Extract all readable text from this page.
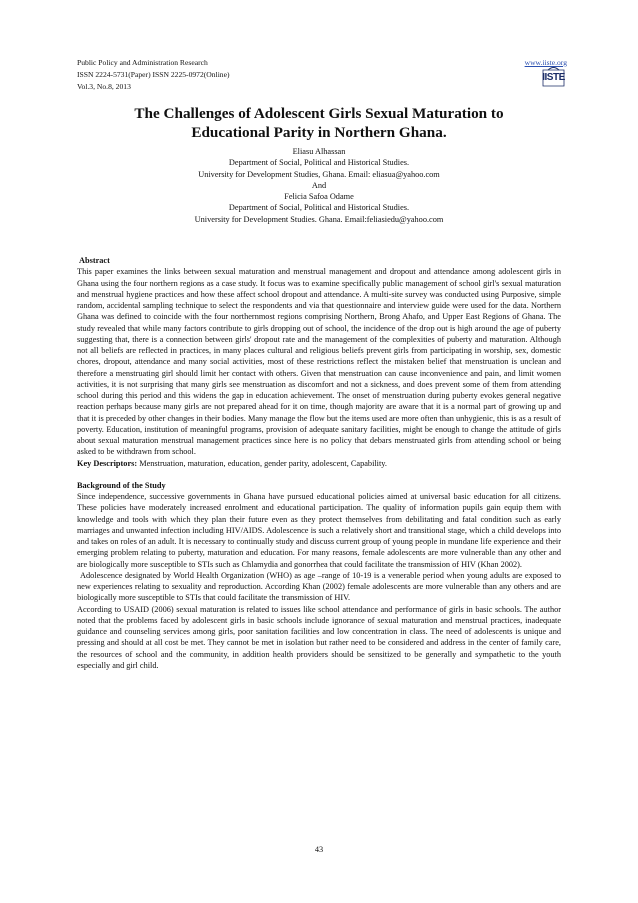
Public Policy and Administration Research
ISSN 2224-5731(Paper) ISSN 2225-0972(Online)
Vol.3, No.8, 2013
www.iiste.org
IISTE
The Challenges of Adolescent Girls Sexual Maturation to
Educational Parity in Northern Ghana.
Eliasu Alhassan
Department of Social, Political and Historical Studies.
University for Development Studies, Ghana. Email: eliasua@yahoo.com
And
Felicia Safoa Odame
Department of Social, Political and Historical Studies.
University for Development Studies. Ghana. Email:feliasiedu@yahoo.com

Abstract

This paper examines the links between sexual maturation and menstrual management and dropout and attendance among adolescent girls in Ghana using the four northern regions as a case study. It focus was to examine specifically public management of school girl's sexual maturation and menstrual hygiene practices and how these affect school dropout and attendance. A multi-site survey was conducted using Purposive, simple random, accidental sampling technique to select the respondents and via that questionnaire and interview guide were used for the data. Northern Ghana was defined to coincide with the four northernmost regions comprising Northern, Brong Ahafo, and Upper East Regions of Ghana. The study revealed that while many factors contribute to girls dropping out of school, the incidence of the drop out is high around the age of puberty suggesting that, there is a connection between girls' dropout rate and the management of the complexities of puberty and maturation. Although not all beliefs are reflected in practices, in many places cultural and religious beliefs prevent girls from participating in worship, sex, domestic chores, dropout, attendance and many social activities, most of these restrictions reflect the mistaken belief that menstruation is unclean and therefore a menstruating girl should limit her contact with others. Given that menstruation can cause inconvenience and pain, and limit women activities, it is not surprising that many girls see menstruation as discomfort and not a sickness, and does prevent some of them from attending school during this period and this widens the gap in education achievement. The onset of menstruation during puberty evokes general negative reaction perhaps because many girls are not prepared ahead for it on time, though majority are aware that it is a normal part of growing up and that it is preceded by other changes in their bodies. Many manage the flow but the items used are more often than unhygienic, this is as a result of poverty. Education, institution of meaningful programs, provision of adequate sanitary facilities, might be enough to change the attitude of girls about sexual maturation menstrual management practices since here is no policy that debars menstruated girls from attending school or being asked to be withdrawn from school.

Key Descriptors: Menstruation, maturation, education, gender parity, adolescent, Capability.

Background of the Study

Since independence, successive governments in Ghana have pursued educational policies aimed at universal basic education for all citizens. These policies have moderately increased enrolment and educational participation. The quality of information pupils gain equip them with knowledge and tools with which they plan their future even as they protect themselves from debilitating and fatal condition such as early marriages and unwanted infection including HIV/AIDS. Adolescence is such a relatively short and transitional stage, which a child develops into and takes on roles of an adult. It is necessary to continually study and discuss current group of young people in mundane life experience and their emerging problem relating to puberty, maturation and education. For many reasons, female adolescents are more vulnerable than any other and are biologically more susceptible to STIs such as Chlamydia and gonorrhea that could facilitate the transmission of HIV (Khan 2002).

Adolescence designated by World Health Organization (WHO) as age –range of 10-19 is a venerable period when young adults are exposed to new experiences relating to sexuality and reproduction. According Khan (2002) female adolescents are more vulnerable than any others and are biologically more susceptible to STIs that could facilitate the transmission of HIV.

According to USAID (2006) sexual maturation is related to issues like school attendance and performance of girls in basic schools. The author noted that the problems faced by adolescent girls in basic schools include ignorance of sexual maturation and menstrual practices, inadequate guidance and counseling services among girls, poor sanitation facilities and low concentration in class. The need of adolescents is unique and pressing and should at all cost be met. They cannot be met in isolation but rather need to be considered and address in the center of family care, the resources of school and the community, in addition health providers should be sensitized to be generally and sympathetic to the youth especially and girl child.

43
